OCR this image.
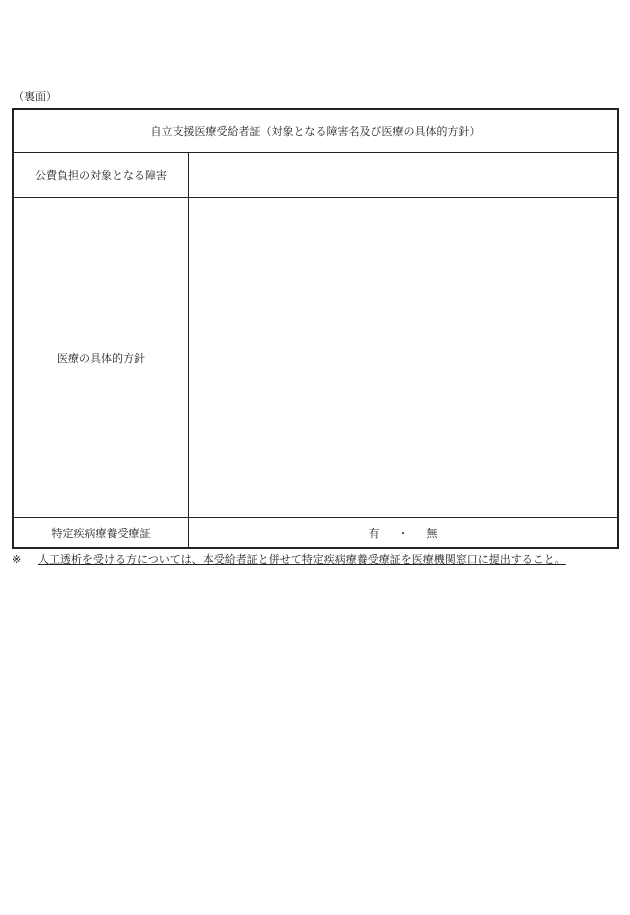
（裏面）
自立支援医療受給者証（対象となる障害名及び医療の具体的方針）
公費負担の対象となる障害
医療の具体的方針
特定疾病療養受療証	有 ・ 無
※ 人工透析を受ける方については、本受給者証と併せて特定疾病療養受療証を医療機関窓口に提出すること。
